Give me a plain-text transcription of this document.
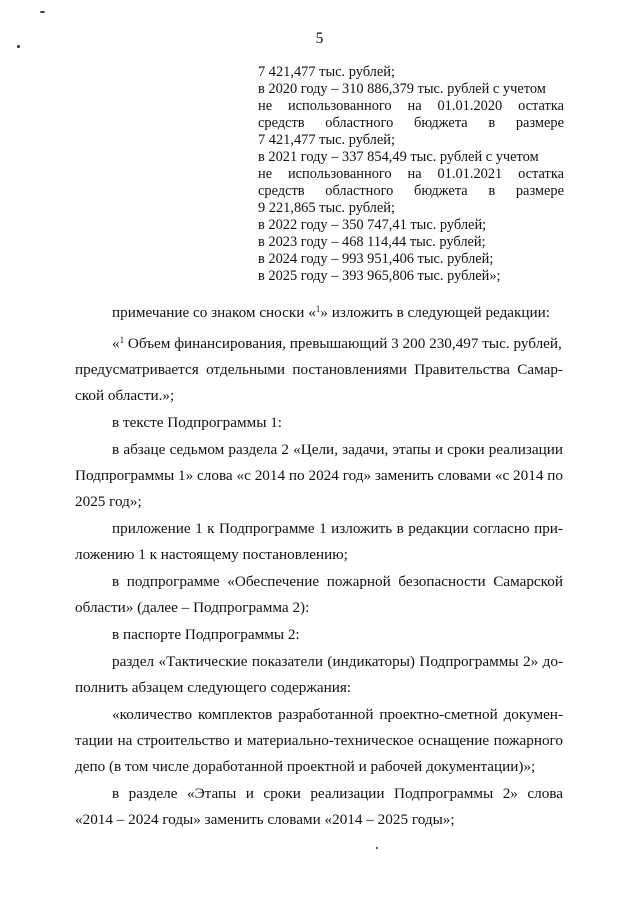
5
7 421,477 тыс. рублей;
в 2020 году – 310 886,379 тыс. рублей с учетом
не использованного на 01.01.2020 остатка
средств областного бюджета в размере
7 421,477 тыс. рублей;
в 2021 году – 337 854,49 тыс. рублей с учетом
не использованного на 01.01.2021 остатка
средств областного бюджета в размере
9 221,865 тыс. рублей;
в 2022 году – 350 747,41 тыс. рублей;
в 2023 году – 468 114,44 тыс. рублей;
в 2024 году – 993 951,406 тыс. рублей;
в 2025 году – 393 965,806 тыс. рублей»;
примечание со знаком сноски «$^1$» изложить в следующей редакции:
«$^1$ Объем финансирования, превышающий 3 200 230,497 тыс. рублей,
предусматривается отдельными постановлениями Правительства Самар-
ской области.»;
в тексте Подпрограммы 1:
в абзаце седьмом раздела 2 «Цели, задачи, этапы и сроки реализации
Подпрограммы 1» слова «с 2014 по 2024 год» заменить словами «с 2014 по
2025 год»;
приложение 1 к Подпрограмме 1 изложить в редакции согласно при-
ложению 1 к настоящему постановлению;
в подпрограмме «Обеспечение пожарной безопасности Самарской
области» (далее – Подпрограмма 2):
в паспорте Подпрограммы 2:
раздел «Тактические показатели (индикаторы) Подпрограммы 2» до-
полнить абзацем следующего содержания:
«количество комплектов разработанной проектно-сметной докумен-
тации на строительство и материально-техническое оснащение пожарного
депо (в том числе доработанной проектной и рабочей документации)»;
в разделе «Этапы и сроки реализации Подпрограммы 2» слова
«2014 – 2024 годы» заменить словами «2014 – 2025 годы»;
